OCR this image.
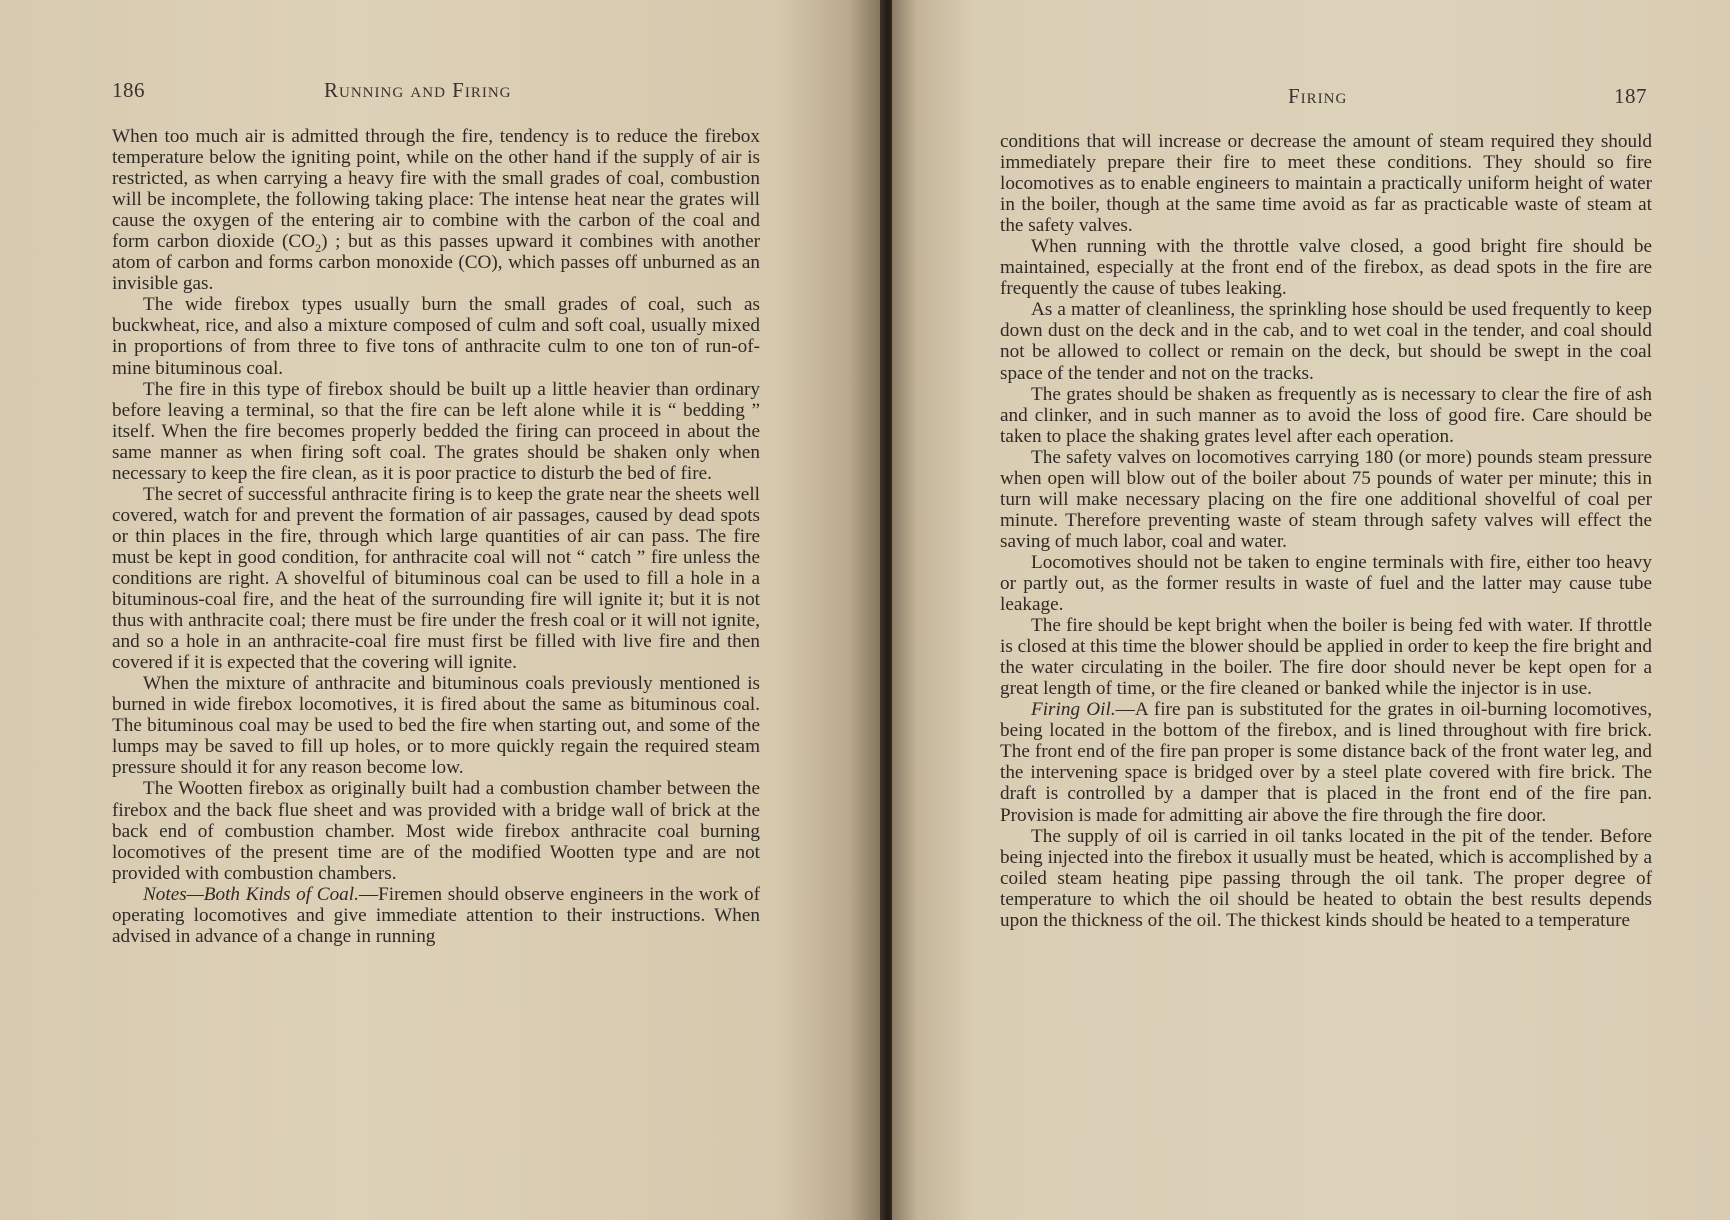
186	Running and Firing

When too much air is admitted through the fire, tendency is to reduce the firebox temperature below the igniting point, while on the other hand if the supply of air is restricted, as when carrying a heavy fire with the small grades of coal, combustion will be incomplete, the following taking place: The intense heat near the grates will cause the oxygen of the entering air to combine with the carbon of the coal and form carbon dioxide $(CO_2)$ ; but as this passes upward it combines with another atom of carbon and forms carbon monoxide (CO), which passes off unburned as an invisible gas.

The wide firebox types usually burn the small grades of coal, such as buckwheat, rice, and also a mixture composed of culm and soft coal, usually mixed in proportions of from three to five tons of anthracite culm to one ton of run-of-mine bituminous coal.

The fire in this type of firebox should be built up a little heavier than ordinary before leaving a terminal, so that the fire can be left alone while it is “ bedding ” itself. When the fire becomes properly bedded the firing can proceed in about the same manner as when firing soft coal. The grates should be shaken only when necessary to keep the fire clean, as it is poor practice to disturb the bed of fire.

The secret of successful anthracite firing is to keep the grate near the sheets well covered, watch for and prevent the formation of air passages, caused by dead spots or thin places in the fire, through which large quantities of air can pass. The fire must be kept in good condition, for anthracite coal will not “ catch ” fire unless the conditions are right. A shovelful of bituminous coal can be used to fill a hole in a bituminous-coal fire, and the heat of the surrounding fire will ignite it; but it is not thus with anthracite coal; there must be fire under the fresh coal or it will not ignite, and so a hole in an anthracite-coal fire must first be filled with live fire and then covered if it is expected that the covering will ignite.

When the mixture of anthracite and bituminous coals previously mentioned is burned in wide firebox locomotives, it is fired about the same as bituminous coal. The bituminous coal may be used to bed the fire when starting out, and some of the lumps may be saved to fill up holes, or to more quickly regain the required steam pressure should it for any reason become low.

The Wootten firebox as originally built had a combustion chamber between the firebox and the back flue sheet and was provided with a bridge wall of brick at the back end of combustion chamber. Most wide firebox anthracite coal burning locomotives of the present time are of the modified Wootten type and are not provided with combustion chambers.

Notes—Both Kinds of Coal.—Firemen should observe engineers in the work of operating locomotives and give immediate attention to their instructions. When advised in advance of a change in running

Firing	187

conditions that will increase or decrease the amount of steam required they should immediately prepare their fire to meet these conditions. They should so fire locomotives as to enable engineers to maintain a practically uniform height of water in the boiler, though at the same time avoid as far as practicable waste of steam at the safety valves.

When running with the throttle valve closed, a good bright fire should be maintained, especially at the front end of the firebox, as dead spots in the fire are frequently the cause of tubes leaking.

As a matter of cleanliness, the sprinkling hose should be used frequently to keep down dust on the deck and in the cab, and to wet coal in the tender, and coal should not be allowed to collect or remain on the deck, but should be swept in the coal space of the tender and not on the tracks.

The grates should be shaken as frequently as is necessary to clear the fire of ash and clinker, and in such manner as to avoid the loss of good fire. Care should be taken to place the shaking grates level after each operation.

The safety valves on locomotives carrying 180 (or more) pounds steam pressure when open will blow out of the boiler about 75 pounds of water per minute; this in turn will make necessary placing on the fire one additional shovelful of coal per minute. Therefore preventing waste of steam through safety valves will effect the saving of much labor, coal and water.

Locomotives should not be taken to engine terminals with fire, either too heavy or partly out, as the former results in waste of fuel and the latter may cause tube leakage.

The fire should be kept bright when the boiler is being fed with water. If throttle is closed at this time the blower should be applied in order to keep the fire bright and the water circulating in the boiler. The fire door should never be kept open for a great length of time, or the fire cleaned or banked while the injector is in use.

Firing Oil.—A fire pan is substituted for the grates in oil-burning locomotives, being located in the bottom of the firebox, and is lined throughout with fire brick. The front end of the fire pan proper is some distance back of the front water leg, and the intervening space is bridged over by a steel plate covered with fire brick. The draft is controlled by a damper that is placed in the front end of the fire pan. Provision is made for admitting air above the fire through the fire door.

The supply of oil is carried in oil tanks located in the pit of the tender. Before being injected into the firebox it usually must be heated, which is accomplished by a coiled steam heating pipe passing through the oil tank. The proper degree of temperature to which the oil should be heated to obtain the best results depends upon the thickness of the oil. The thickest kinds should be heated to a temperature
